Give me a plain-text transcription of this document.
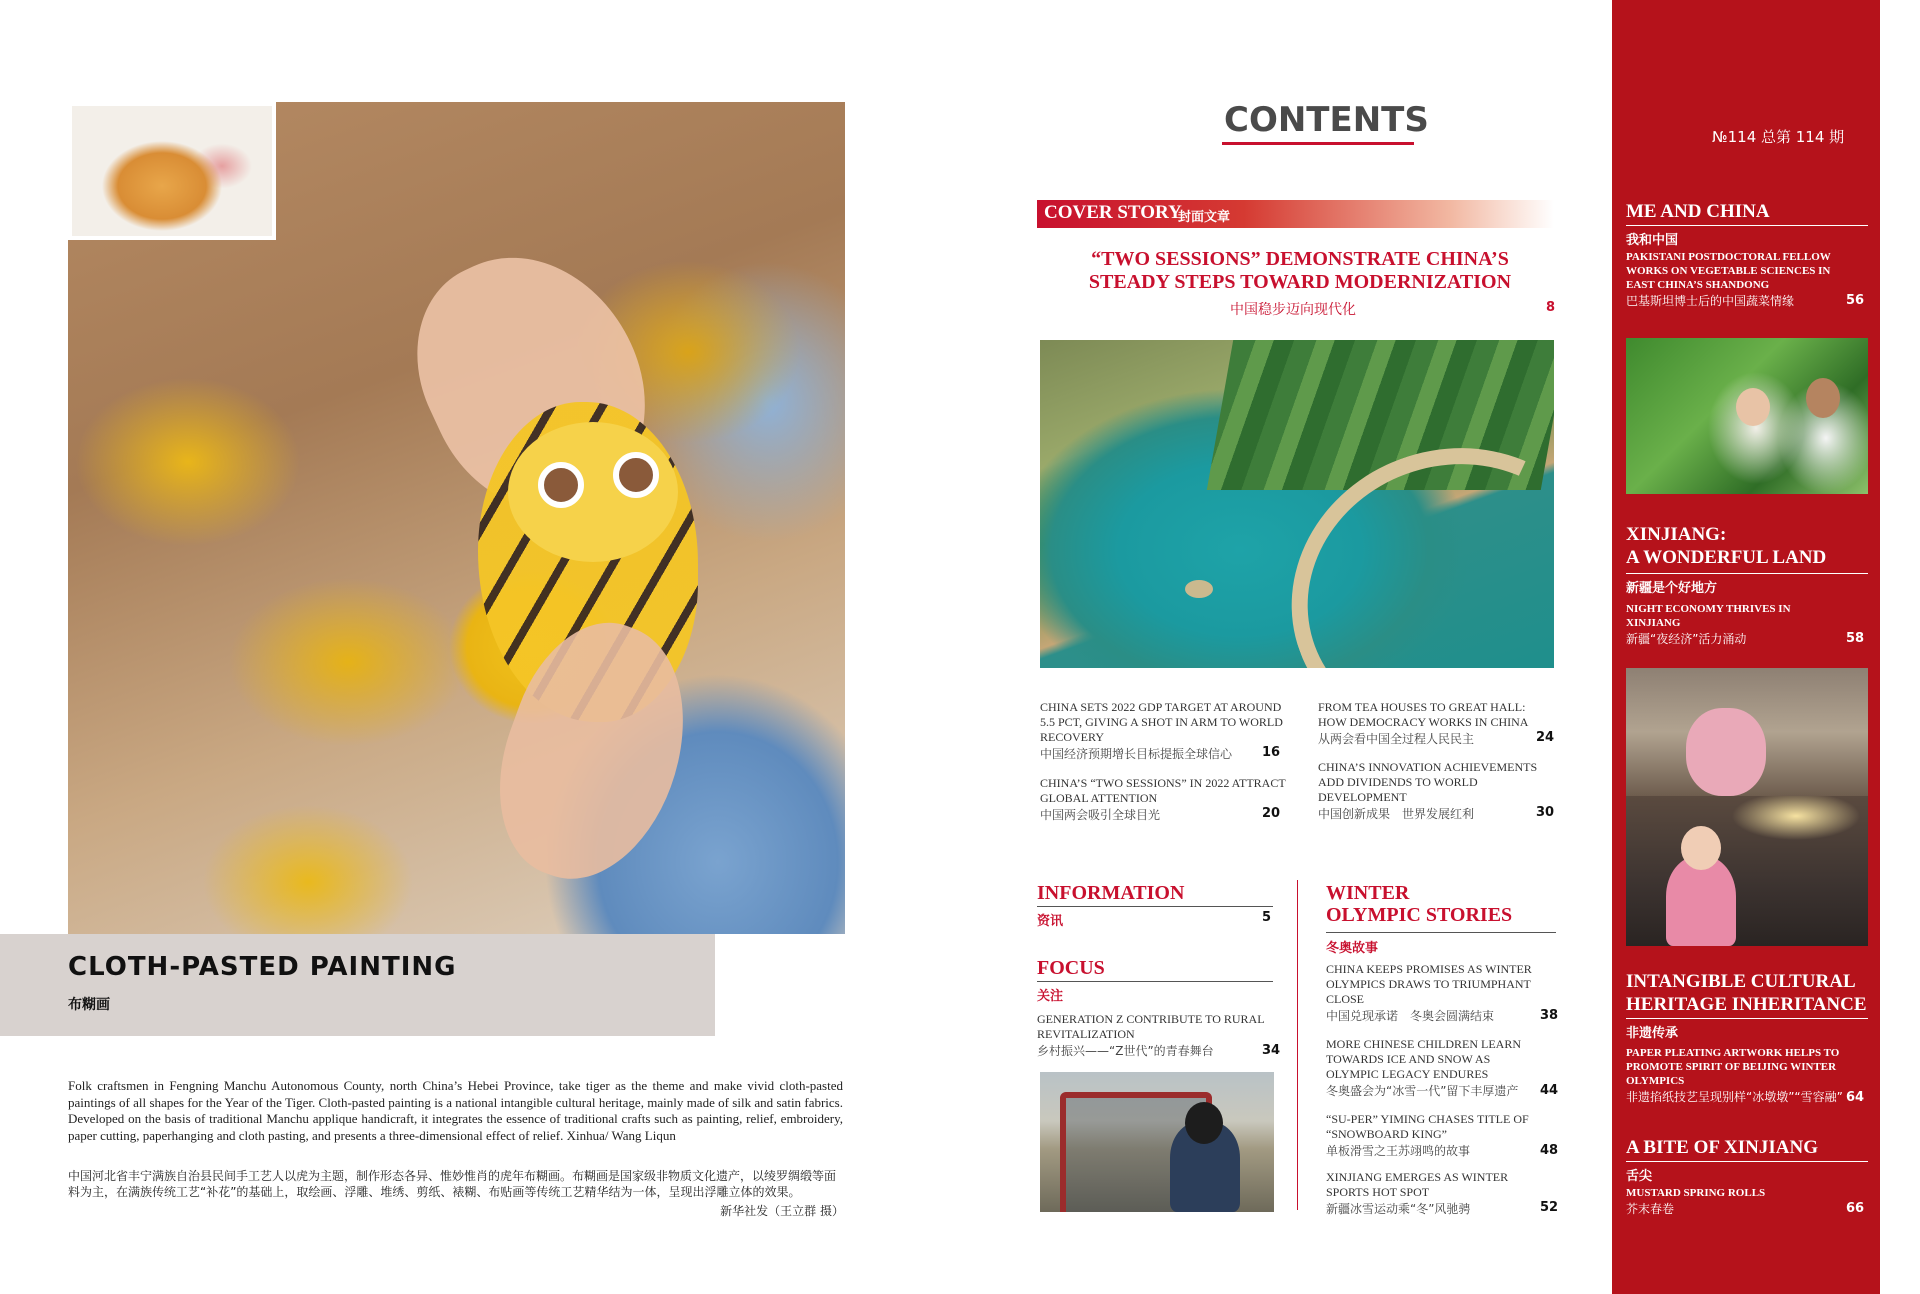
CLOTH-PASTED PAINTING
布糊画
Folk craftsmen in Fengning Manchu Autonomous County, north China’s Hebei Province, take tiger as the theme and make vivid cloth-pasted paintings of all shapes for the Year of the Tiger. Cloth-pasted painting is a national intangible cultural heritage, mainly made of silk and satin fabrics. Developed on the basis of traditional Manchu applique handicraft, it integrates the essence of traditional crafts such as painting, relief, embroidery, paper cutting, paperhanging and cloth pasting, and presents a three-dimensional effect of relief. Xinhua/ Wang Liqun
中国河北省丰宁满族自治县民间手工艺人以虎为主题，制作形态各异、惟妙惟肖的虎年布糊画。布糊画是国家级非物质文化遗产，以绫罗绸缎等面料为主，在满族传统工艺“补花”的基础上，取绘画、浮雕、堆绣、剪纸、裱糊、布贴画等传统工艺精华结为一体，呈现出浮雕立体的效果。
新华社发（王立群 摄）
CONTENTS
COVER STORY
封面文章
“TWO SESSIONS” DEMONSTRATE CHINA’S
STEADY STEPS TOWARD MODERNIZATION
中国稳步迈向现代化	8
CHINA SETS 2022 GDP TARGET AT AROUND 5.5 PCT, GIVING A SHOT IN ARM TO WORLD RECOVERY
中国经济预期增长目标提振全球信心	16
CHINA’S “TWO SESSIONS” IN 2022 ATTRACT GLOBAL ATTENTION
中国两会吸引全球目光	20
FROM TEA HOUSES TO GREAT HALL: HOW DEMOCRACY WORKS IN CHINA
从两会看中国全过程人民民主	24
CHINA’S INNOVATION ACHIEVEMENTS ADD DIVIDENDS TO WORLD DEVELOPMENT
中国创新成果　世界发展红利	30
INFORMATION
资讯	5
FOCUS
关注
GENERATION Z CONTRIBUTE TO RURAL REVITALIZATION
乡村振兴——“Z世代”的青春舞台	34
WINTER
OLYMPIC STORIES
冬奥故事
CHINA KEEPS PROMISES AS WINTER OLYMPICS DRAWS TO TRIUMPHANT CLOSE
中国兑现承诺　冬奥会圆满结束	38
MORE CHINESE CHILDREN LEARN TOWARDS ICE AND SNOW AS OLYMPIC LEGACY ENDURES
冬奥盛会为“冰雪一代”留下丰厚遗产	44
“SU-PER” YIMING CHASES TITLE OF “SNOWBOARD KING”
单板滑雪之王苏翊鸣的故事	48
XINJIANG EMERGES AS WINTER SPORTS HOT SPOT
新疆冰雪运动乘“冬”风驰骋	52
№114 总第 114 期
ME AND CHINA
我和中国
PAKISTANI POSTDOCTORAL FELLOW WORKS ON VEGETABLE SCIENCES IN EAST CHINA’S SHANDONG
巴基斯坦博士后的中国蔬菜情缘	56
XINJIANG:
A WONDERFUL LAND
新疆是个好地方
NIGHT ECONOMY THRIVES IN XINJIANG
新疆“夜经济”活力涌动	58
INTANGIBLE CULTURAL
HERITAGE INHERITANCE
非遗传承
PAPER PLEATING ARTWORK HELPS TO PROMOTE SPIRIT OF BEIJING WINTER OLYMPICS
非遗掐纸技艺呈现别样“冰墩墩”“雪容融” 64
A BITE OF XINJIANG
舌尖
MUSTARD SPRING ROLLS
芥末春卷	66
